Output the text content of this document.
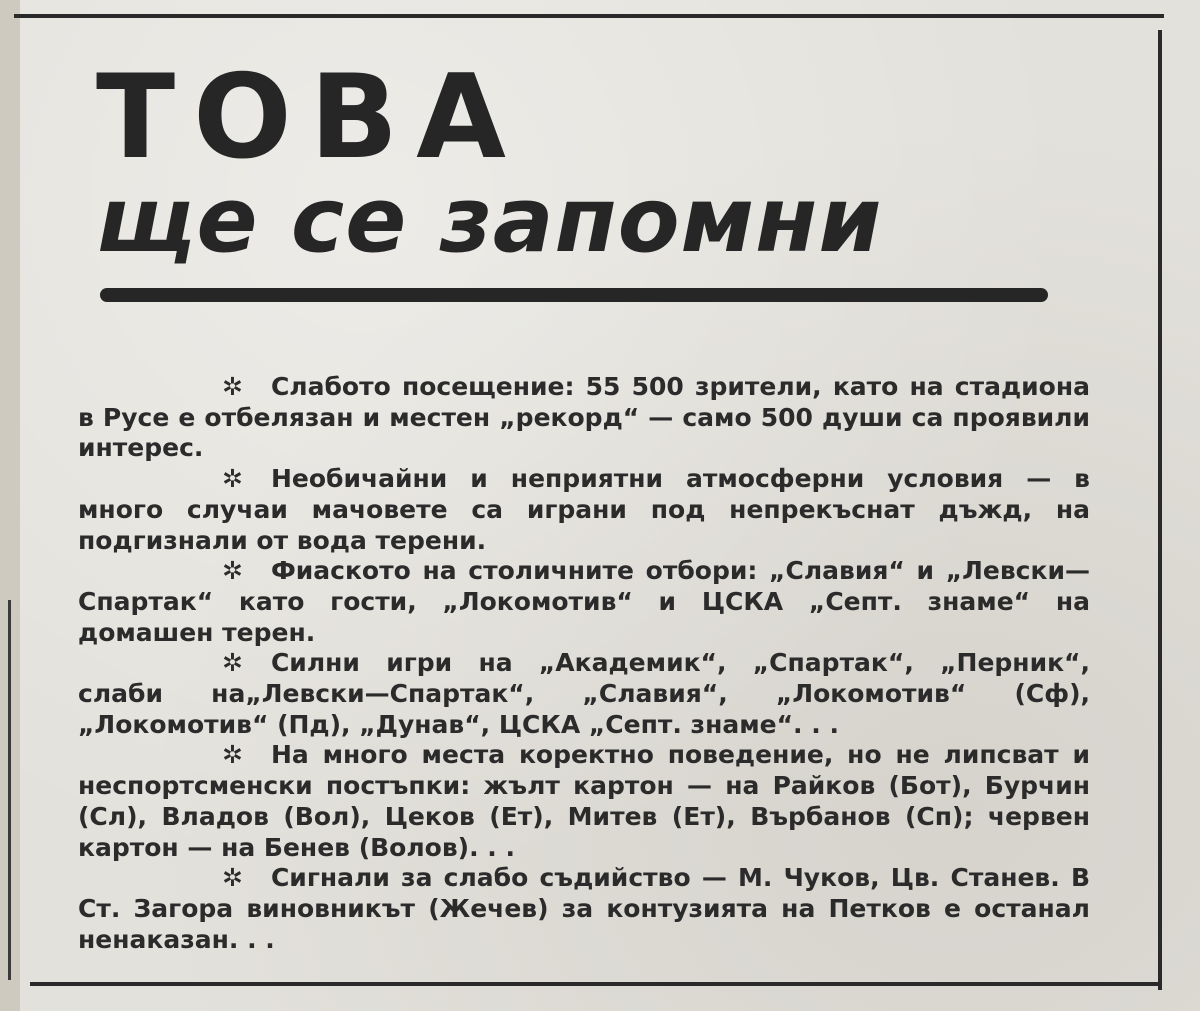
ТОВА
ще се запомни

✲ Слабото посещение: 55 500 зрители, като на стадиона в Русе е отбелязан и местен „рекорд“ — само 500 души са проявили интерес.

✲ Необичайни и неприятни атмосферни условия — в много случаи мачовете са играни под непрекъснат дъжд, на подгизнали от вода терени.

✲ Фиаското на столичните отбори: „Славия“ и „Левски—Спартак“ като гости, „Локомотив“ и ЦСКА „Септ. знаме“ на домашен терен.

✲ Силни игри на „Академик“, „Спартак“, „Перник“, слаби на„Левски—Спартак“, „Славия“, „Локомотив“ (Сф), „Локомотив“ (Пд), „Дунав“, ЦСКА „Септ. знаме“. . .

✲ На много места коректно поведение, но не липсват и неспортсменски постъпки: жълт картон — на Райков (Бот), Бурчин (Сл), Владов (Вол), Цеков (Ет), Митев (Ет), Върбанов (Сп); червен картон — на Бенев (Волов). . .

✲ Сигнали за слабо съдийство — М. Чуков, Цв. Станев. В Ст. Загора виновникът (Жечев) за контузията на Петков е останал ненаказан. . .
